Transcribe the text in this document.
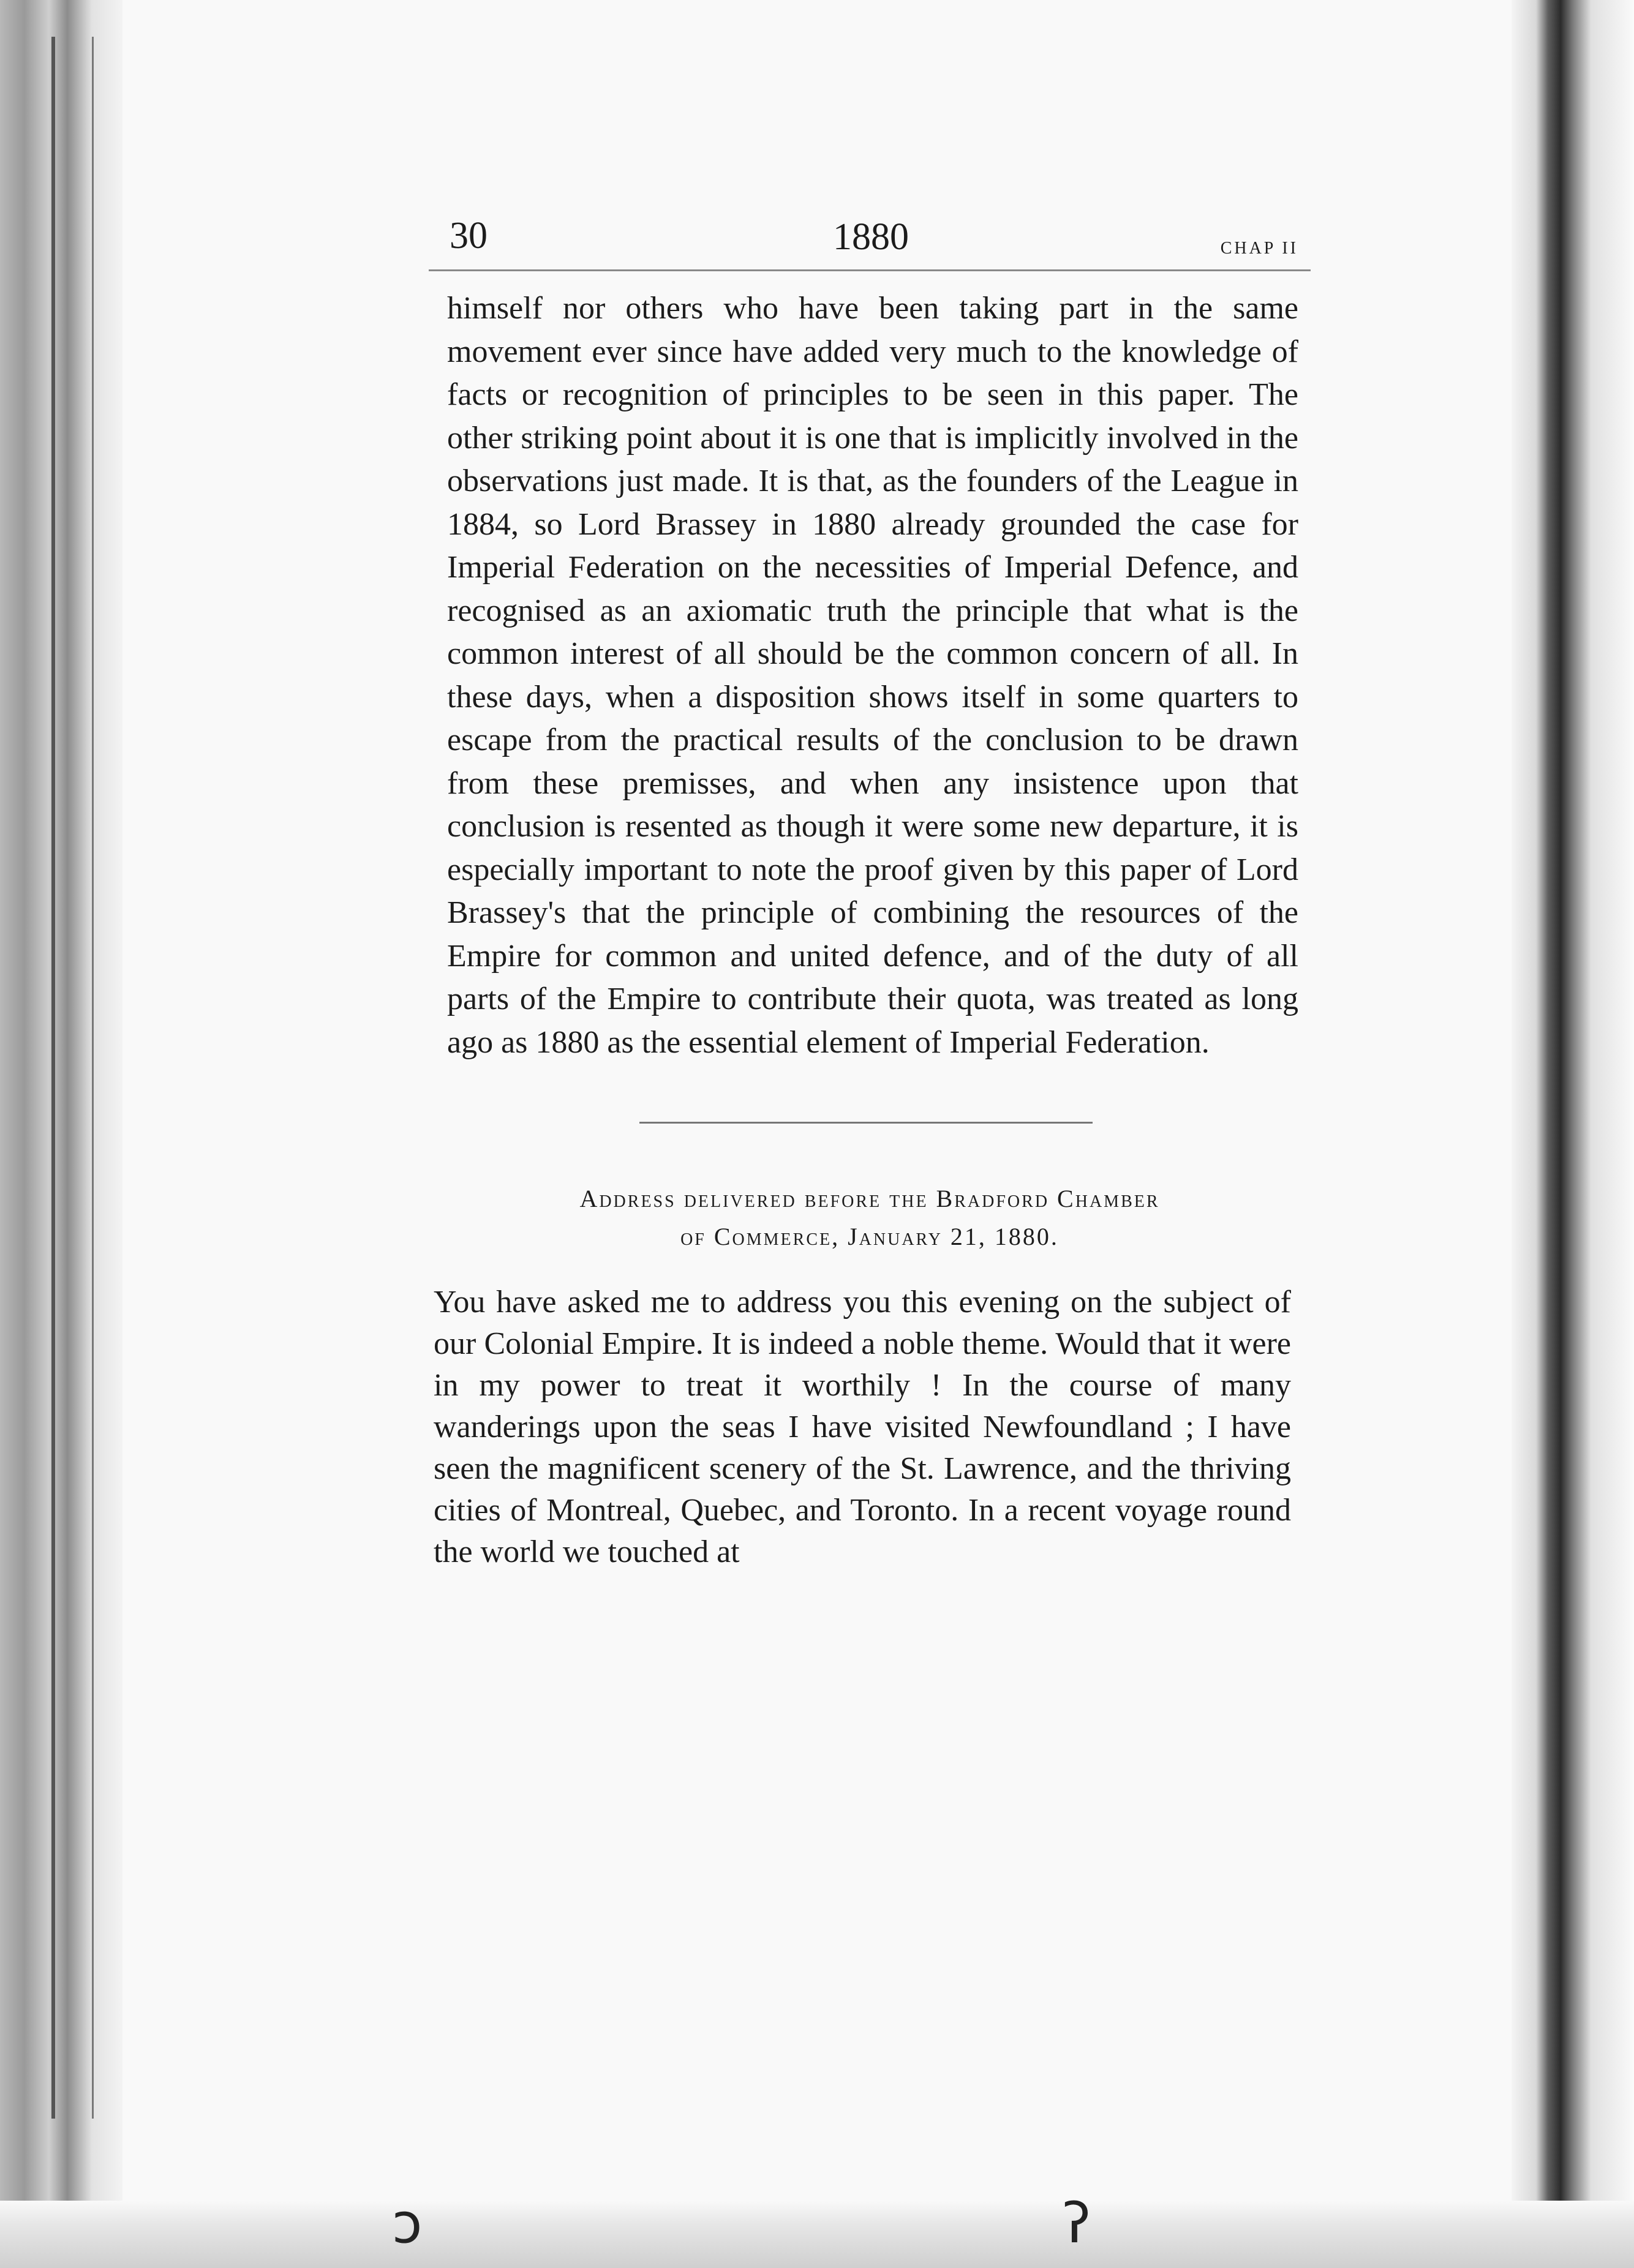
30	1880	CHAP II

himself nor others who have been taking part in the same movement ever since have added very much to the knowledge of facts or recognition of principles to be seen in this paper. The other striking point about it is one that is implicitly involved in the observations just made. It is that, as the founders of the League in 1884, so Lord Brassey in 1880 already grounded the case for Imperial Federation on the necessities of Imperial Defence, and recognised as an axiomatic truth the principle that what is the common interest of all should be the common concern of all. In these days, when a disposition shows itself in some quarters to escape from the practical results of the conclusion to be drawn from these premisses, and when any insistence upon that conclusion is resented as though it were some new departure, it is especially important to note the proof given by this paper of Lord Brassey's that the principle of combining the resources of the Empire for common and united defence, and of the duty of all parts of the Empire to contribute their quota, was treated as long ago as 1880 as the essential element of Imperial Federation.

Address delivered before the Bradford Chamber
of Commerce, January 21, 1880.

You have asked me to address you this evening on the subject of our Colonial Empire. It is indeed a noble theme. Would that it were in my power to treat it worthily ! In the course of many wanderings upon the seas I have visited Newfoundland ; I have seen the magnificent scenery of the St. Lawrence, and the thriving cities of Montreal, Quebec, and Toronto. In a recent voyage round the world we touched at

ɔ	ʔ
